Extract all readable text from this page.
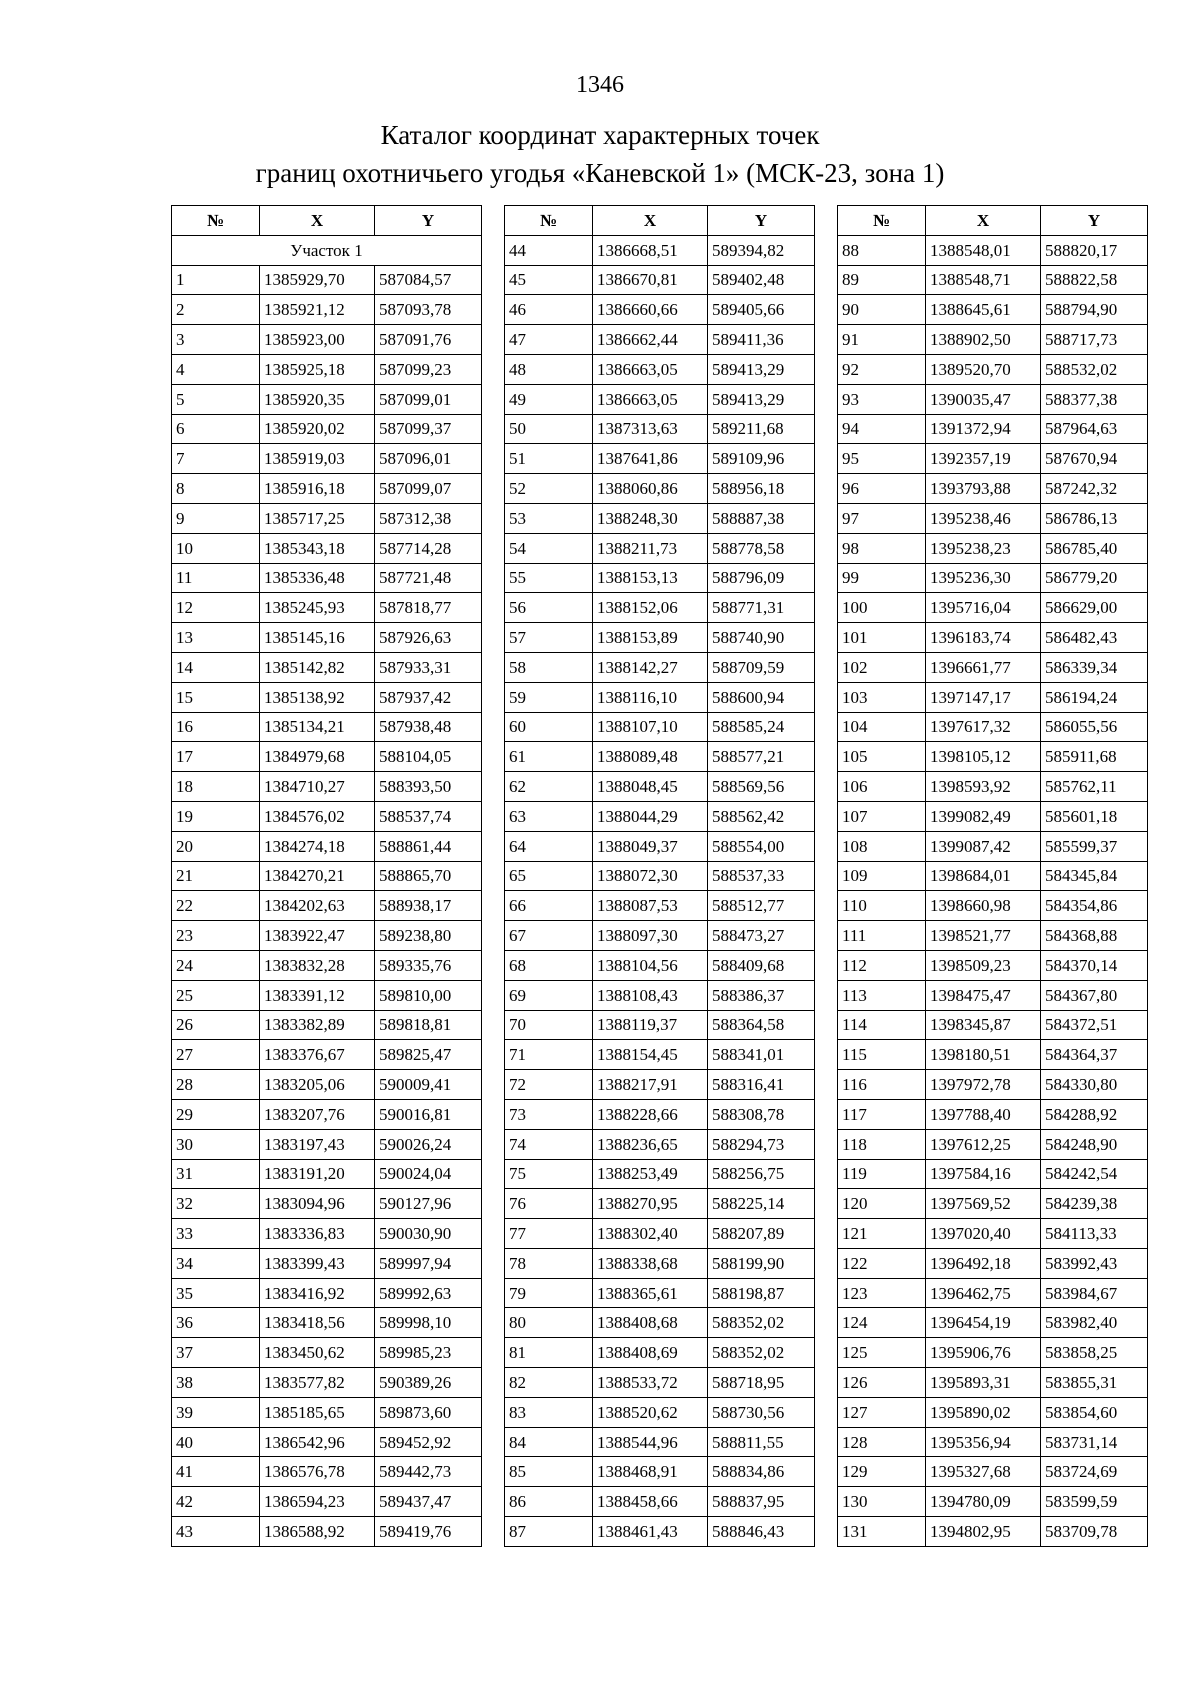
1346
Каталог координат характерных точек
границ охотничьего угодья «Каневской 1» (МСК-23, зона 1)
№	X	Y
Участок 1		
1	1385929,70	587084,57
2	1385921,12	587093,78
3	1385923,00	587091,76
4	1385925,18	587099,23
5	1385920,35	587099,01
6	1385920,02	587099,37
7	1385919,03	587096,01
8	1385916,18	587099,07
9	1385717,25	587312,38
10	1385343,18	587714,28
11	1385336,48	587721,48
12	1385245,93	587818,77
13	1385145,16	587926,63
14	1385142,82	587933,31
15	1385138,92	587937,42
16	1385134,21	587938,48
17	1384979,68	588104,05
18	1384710,27	588393,50
19	1384576,02	588537,74
20	1384274,18	588861,44
21	1384270,21	588865,70
22	1384202,63	588938,17
23	1383922,47	589238,80
24	1383832,28	589335,76
25	1383391,12	589810,00
26	1383382,89	589818,81
27	1383376,67	589825,47
28	1383205,06	590009,41
29	1383207,76	590016,81
30	1383197,43	590026,24
31	1383191,20	590024,04
32	1383094,96	590127,96
33	1383336,83	590030,90
34	1383399,43	589997,94
35	1383416,92	589992,63
36	1383418,56	589998,10
37	1383450,62	589985,23
38	1383577,82	590389,26
39	1385185,65	589873,60
40	1386542,96	589452,92
41	1386576,78	589442,73
42	1386594,23	589437,47
43	1386588,92	589419,76
№	X	Y
44	1386668,51	589394,82
45	1386670,81	589402,48
46	1386660,66	589405,66
47	1386662,44	589411,36
48	1386663,05	589413,29
49	1386663,05	589413,29
50	1387313,63	589211,68
51	1387641,86	589109,96
52	1388060,86	588956,18
53	1388248,30	588887,38
54	1388211,73	588778,58
55	1388153,13	588796,09
56	1388152,06	588771,31
57	1388153,89	588740,90
58	1388142,27	588709,59
59	1388116,10	588600,94
60	1388107,10	588585,24
61	1388089,48	588577,21
62	1388048,45	588569,56
63	1388044,29	588562,42
64	1388049,37	588554,00
65	1388072,30	588537,33
66	1388087,53	588512,77
67	1388097,30	588473,27
68	1388104,56	588409,68
69	1388108,43	588386,37
70	1388119,37	588364,58
71	1388154,45	588341,01
72	1388217,91	588316,41
73	1388228,66	588308,78
74	1388236,65	588294,73
75	1388253,49	588256,75
76	1388270,95	588225,14
77	1388302,40	588207,89
78	1388338,68	588199,90
79	1388365,61	588198,87
80	1388408,68	588352,02
81	1388408,69	588352,02
82	1388533,72	588718,95
83	1388520,62	588730,56
84	1388544,96	588811,55
85	1388468,91	588834,86
86	1388458,66	588837,95
87	1388461,43	588846,43
№	X	Y
88	1388548,01	588820,17
89	1388548,71	588822,58
90	1388645,61	588794,90
91	1388902,50	588717,73
92	1389520,70	588532,02
93	1390035,47	588377,38
94	1391372,94	587964,63
95	1392357,19	587670,94
96	1393793,88	587242,32
97	1395238,46	586786,13
98	1395238,23	586785,40
99	1395236,30	586779,20
100	1395716,04	586629,00
101	1396183,74	586482,43
102	1396661,77	586339,34
103	1397147,17	586194,24
104	1397617,32	586055,56
105	1398105,12	585911,68
106	1398593,92	585762,11
107	1399082,49	585601,18
108	1399087,42	585599,37
109	1398684,01	584345,84
110	1398660,98	584354,86
111	1398521,77	584368,88
112	1398509,23	584370,14
113	1398475,47	584367,80
114	1398345,87	584372,51
115	1398180,51	584364,37
116	1397972,78	584330,80
117	1397788,40	584288,92
118	1397612,25	584248,90
119	1397584,16	584242,54
120	1397569,52	584239,38
121	1397020,40	584113,33
122	1396492,18	583992,43
123	1396462,75	583984,67
124	1396454,19	583982,40
125	1395906,76	583858,25
126	1395893,31	583855,31
127	1395890,02	583854,60
128	1395356,94	583731,14
129	1395327,68	583724,69
130	1394780,09	583599,59
131	1394802,95	583709,78
